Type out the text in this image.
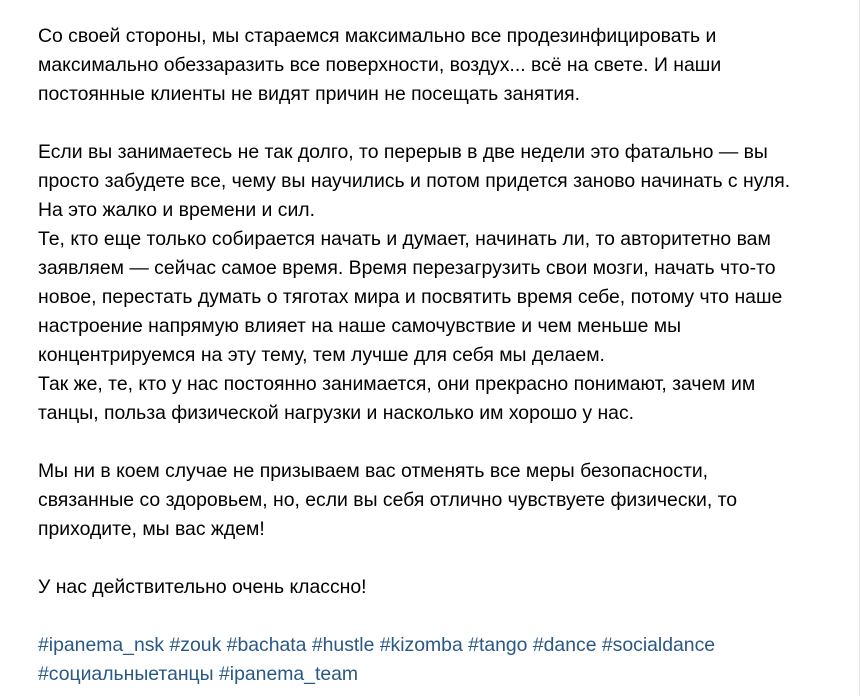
Со своей стороны, мы стараемся максимально все продезинфицировать и
максимально обеззаразить все поверхности, воздух... всё на свете. И наши
постоянные клиенты не видят причин не посещать занятия.

Если вы занимаетесь не так долго, то перерыв в две недели это фатально — вы
просто забудете все, чему вы научились и потом придется заново начинать с нуля.
На это жалко и времени и сил.
Те, кто еще только собирается начать и думает, начинать ли, то авторитетно вам
заявляем — сейчас самое время. Время перезагрузить свои мозги, начать что-то
новое, перестать думать о тяготах мира и посвятить время себе, потому что наше
настроение напрямую влияет на наше самочувствие и чем меньше мы
концентрируемся на эту тему, тем лучше для себя мы делаем.
Так же, те, кто у нас постоянно занимается, они прекрасно понимают, зачем им
танцы, польза физической нагрузки и насколько им хорошо у нас.

Мы ни в коем случае не призываем вас отменять все меры безопасности,
связанные со здоровьем, но, если вы себя отлично чувствуете физически, то
приходите, мы вас ждем!

У нас действительно очень классно!

#ipanema_nsk #zouk #bachata #hustle #kizomba #tango #dance #socialdance
#социальныетанцы #ipanema_team
